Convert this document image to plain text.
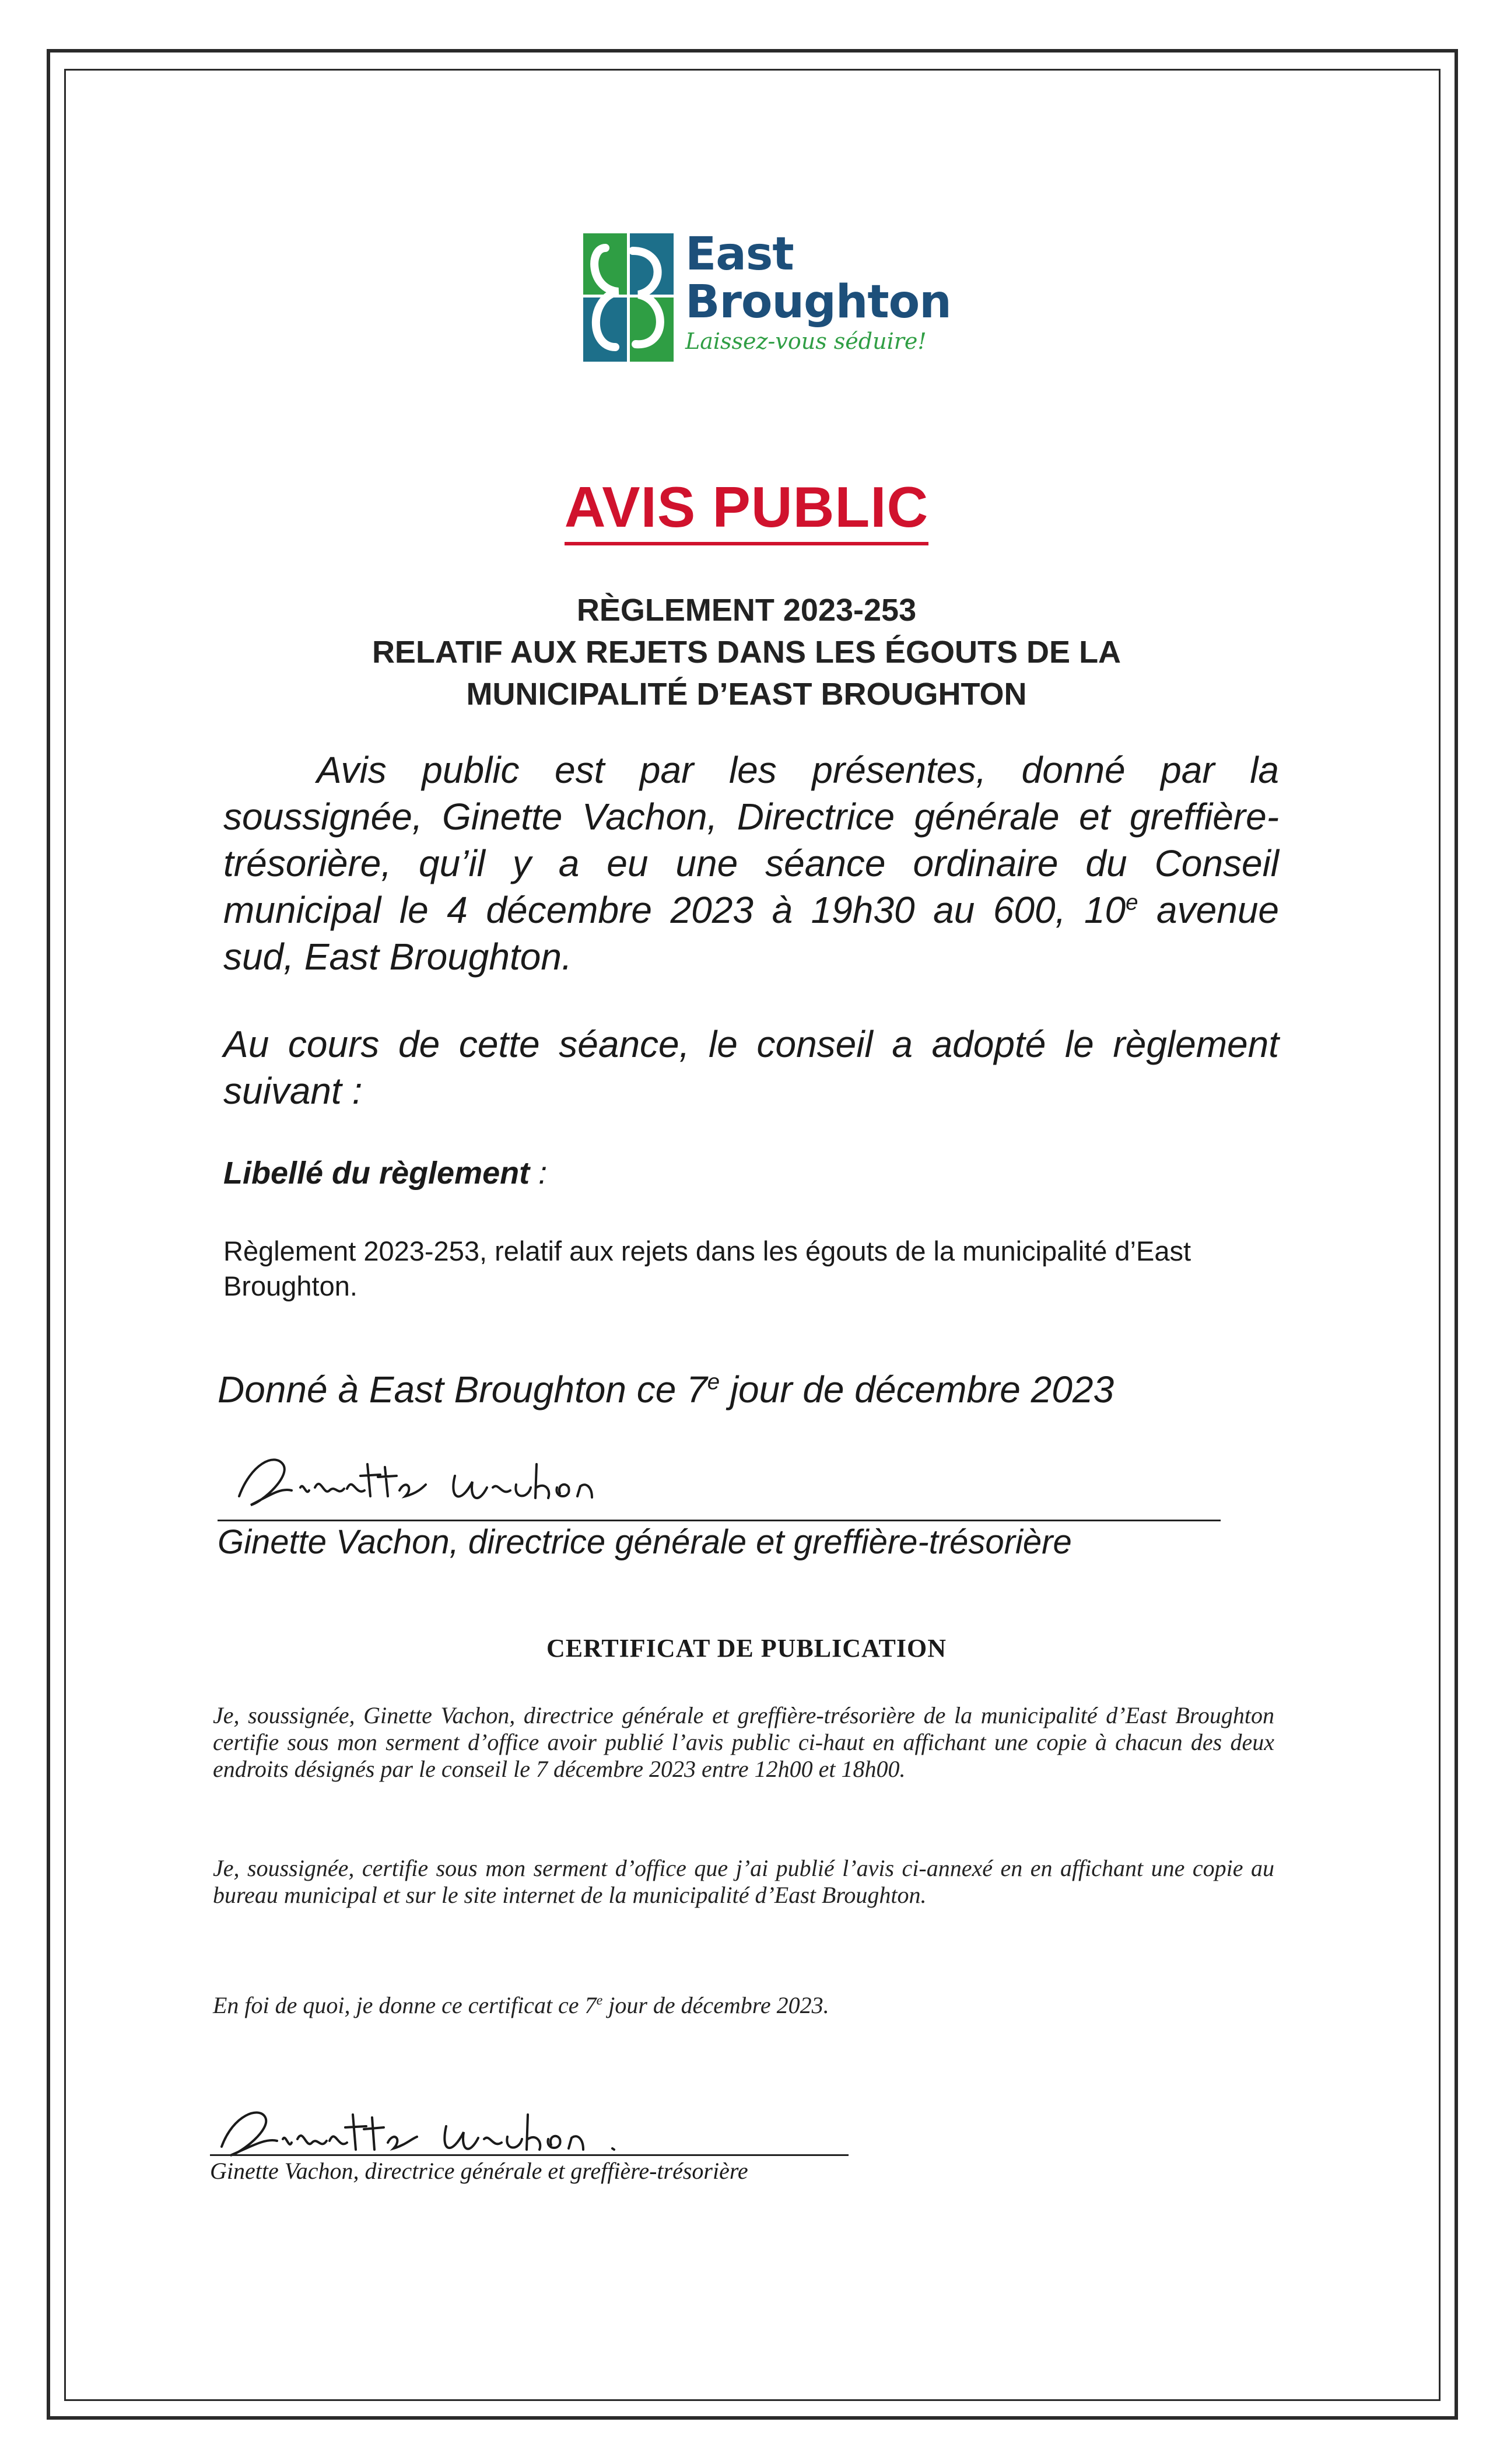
East
Broughton
Laissez-vous séduire!
AVIS PUBLIC
RÈGLEMENT 2023-253
RELATIF AUX REJETS DANS LES ÉGOUTS DE LA
MUNICIPALITÉ D’EAST BROUGHTON
Avis public est par les présentes, donné par la soussignée, Ginette Vachon, Directrice générale et greffière-trésorière, qu’il y a eu une séance ordinaire du Conseil municipal le 4 décembre 2023 à 19h30 au 600, 10e avenue sud, East Broughton.
Au cours de cette séance, le conseil a adopté le règlement suivant :
Libellé du règlement :
Règlement 2023-253, relatif aux rejets dans les égouts de la municipalité d’East Broughton.
Donné à East Broughton ce 7e jour de décembre 2023
Ginette Vachon, directrice générale et greffière-trésorière
CERTIFICAT DE PUBLICATION
Je, soussignée, Ginette Vachon, directrice générale et greffière-trésorière de la municipalité d’East Broughton certifie sous mon serment d’office avoir publié l’avis public ci-haut en affichant une copie à chacun des deux endroits désignés par le conseil le 7 décembre 2023 entre 12h00 et 18h00.
Je, soussignée, certifie sous mon serment d’office que j’ai publié l’avis ci-annexé en en affichant une copie au bureau municipal et sur le site internet de la municipalité d’East Broughton.
En foi de quoi, je donne ce certificat ce 7e jour de décembre 2023.
Ginette Vachon, directrice générale et greffière-trésorière
